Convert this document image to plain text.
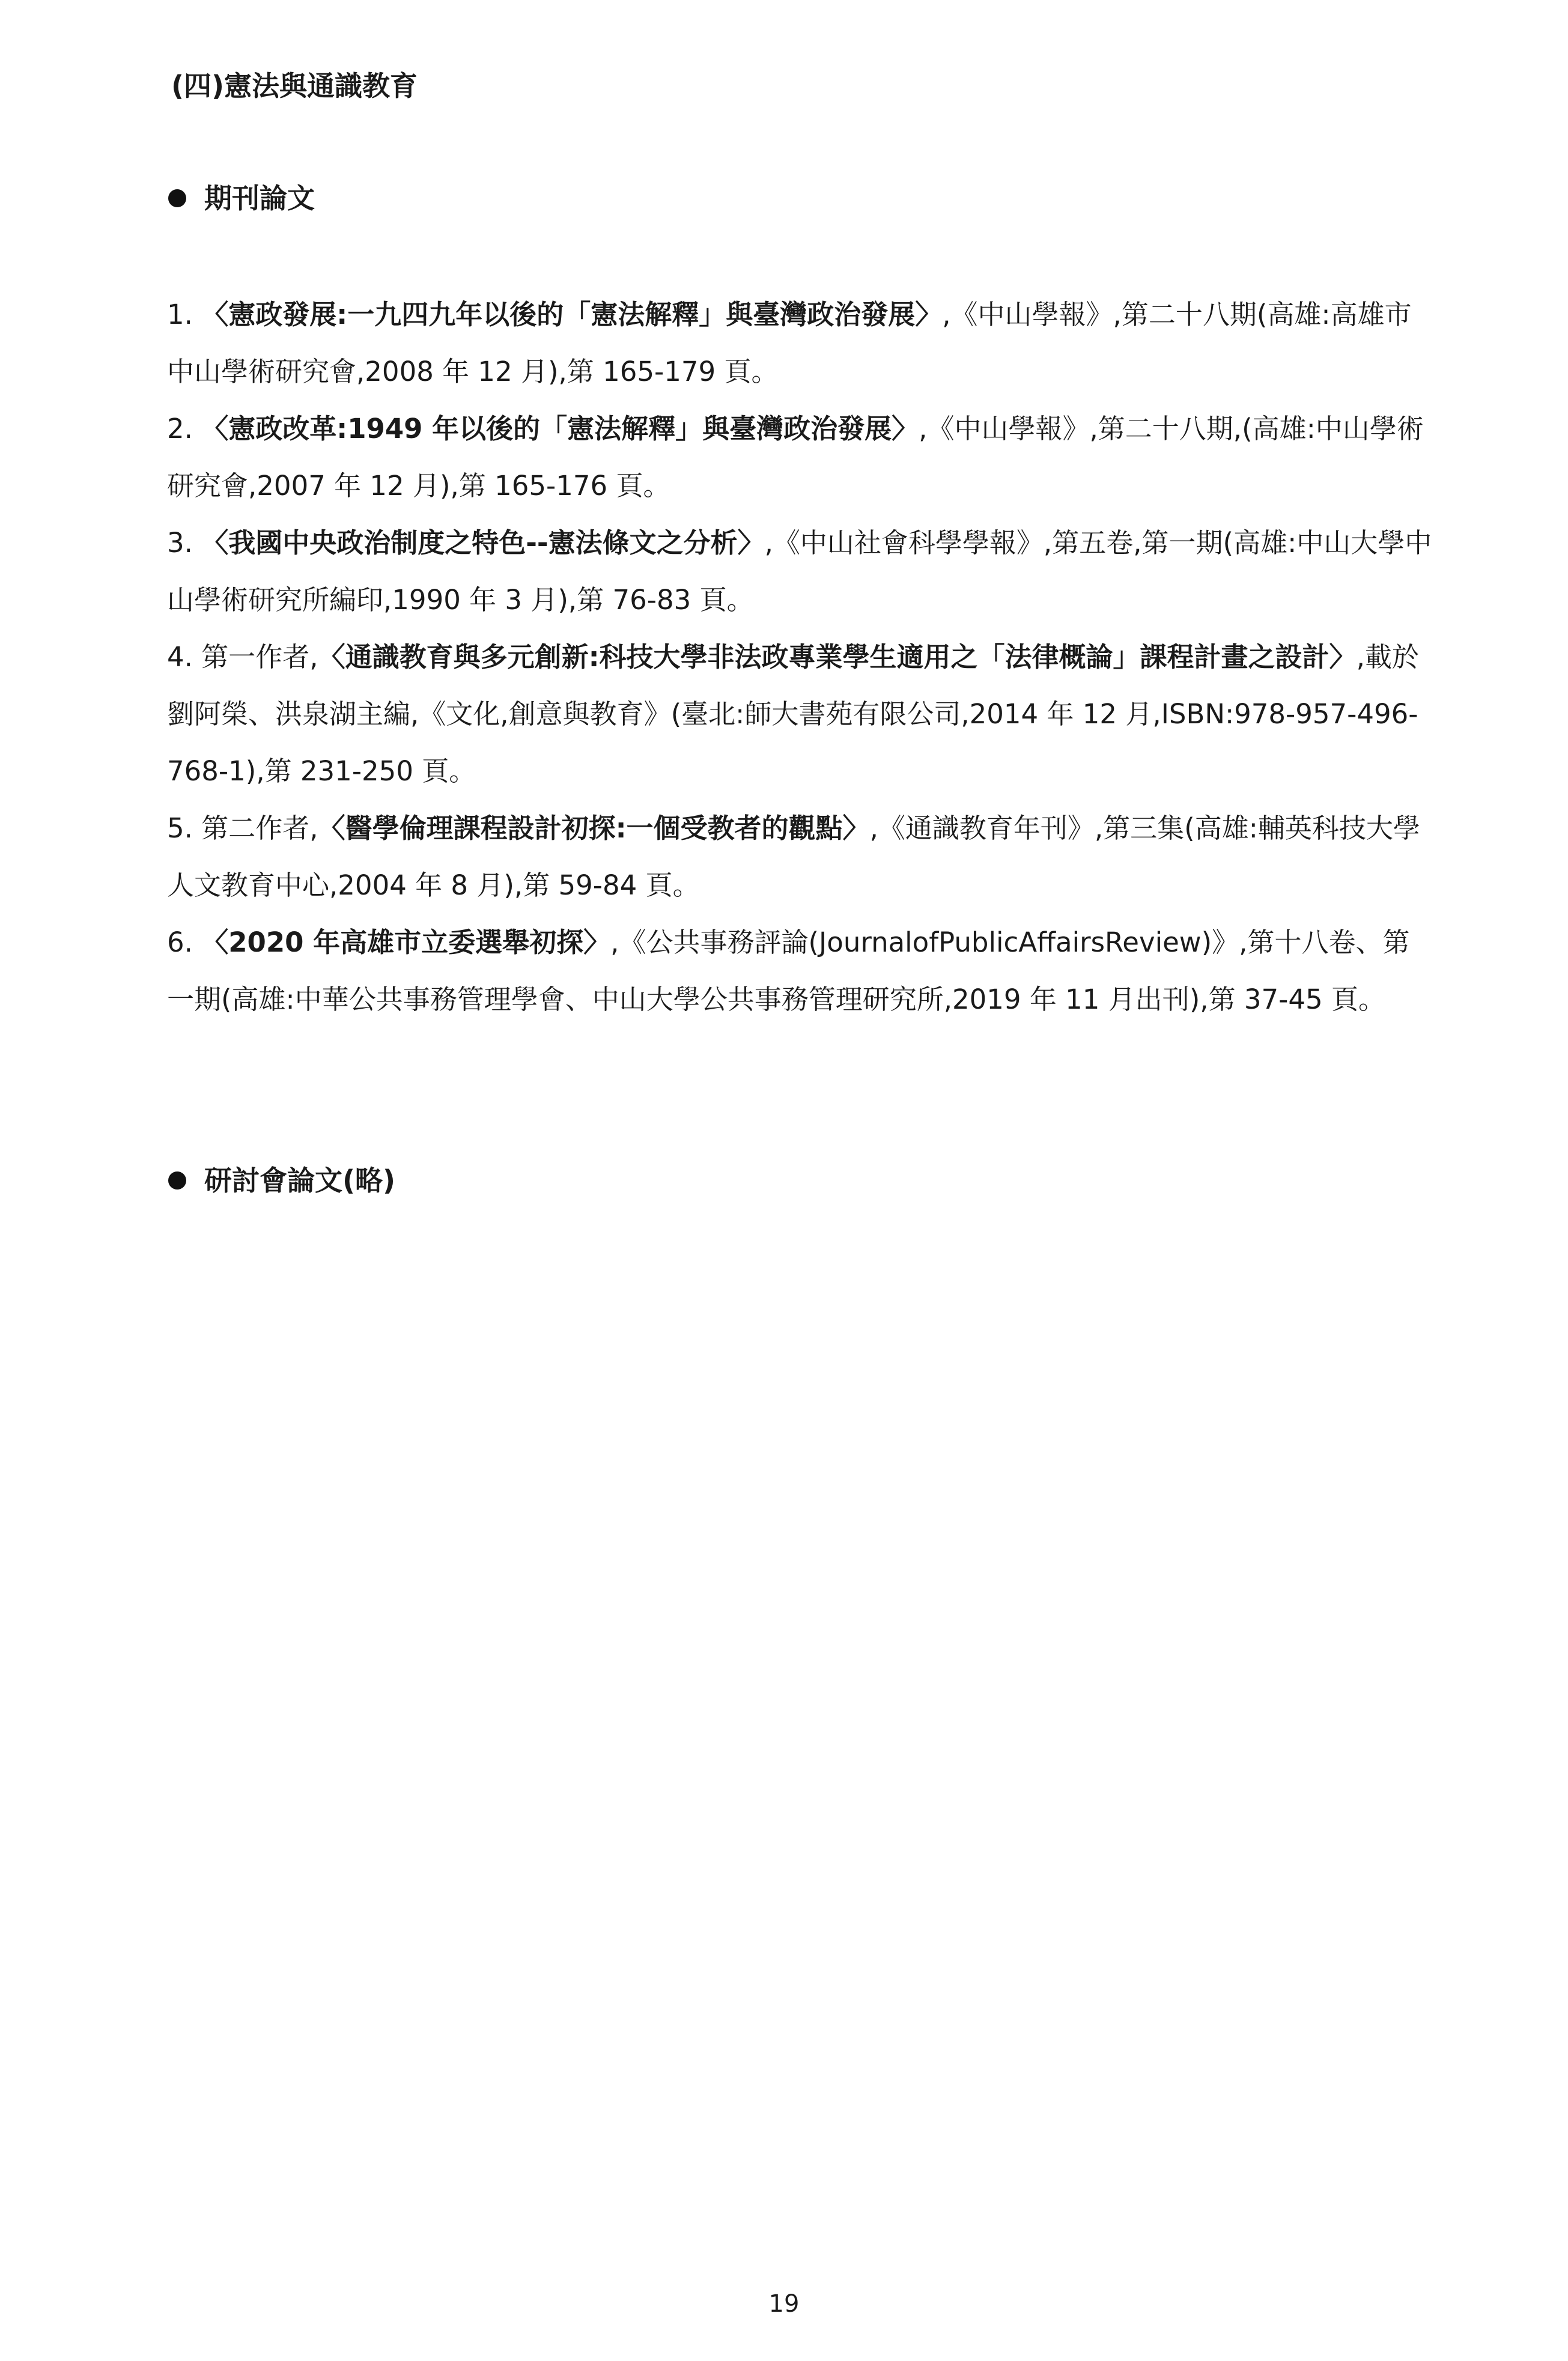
(四)憲法與通識教育
期刊論文

1. 〈憲政發展:一九四九年以後的「憲法解釋」與臺灣政治發展〉,《中山學報》,第二十八期(高雄:高雄市中山學術研究會,2008 年 12 月),第 165-179 頁。

2. 〈憲政改革:1949 年以後的「憲法解釋」與臺灣政治發展〉,《中山學報》,第二十八期,(高雄:中山學術研究會,2007 年 12 月),第 165-176 頁。

3. 〈我國中央政治制度之特色--憲法條文之分析〉,《中山社會科學學報》,第五卷,第一期(高雄:中山大學中山學術研究所編印,1990 年 3 月),第 76-83 頁。

4. 第一作者,〈通識教育與多元創新:科技大學非法政專業學生適用之「法律概論」課程計畫之設計〉,載於劉阿榮、洪泉湖主編,《文化,創意與教育》(臺北:師大書苑有限公司,2014 年 12 月,ISBN:978-957-496-768-1),第 231-250 頁。

5. 第二作者,〈醫學倫理課程設計初探:一個受教者的觀點〉,《通識教育年刊》,第三集(高雄:輔英科技大學人文教育中心,2004 年 8 月),第 59-84 頁。

6. 〈2020 年高雄市立委選舉初探〉,《公共事務評論(JournalofPublicAffairsReview)》,第十八卷、第一期(高雄:中華公共事務管理學會、中山大學公共事務管理研究所,2019 年 11 月出刊),第 37-45 頁。

研討會論文(略)
19
